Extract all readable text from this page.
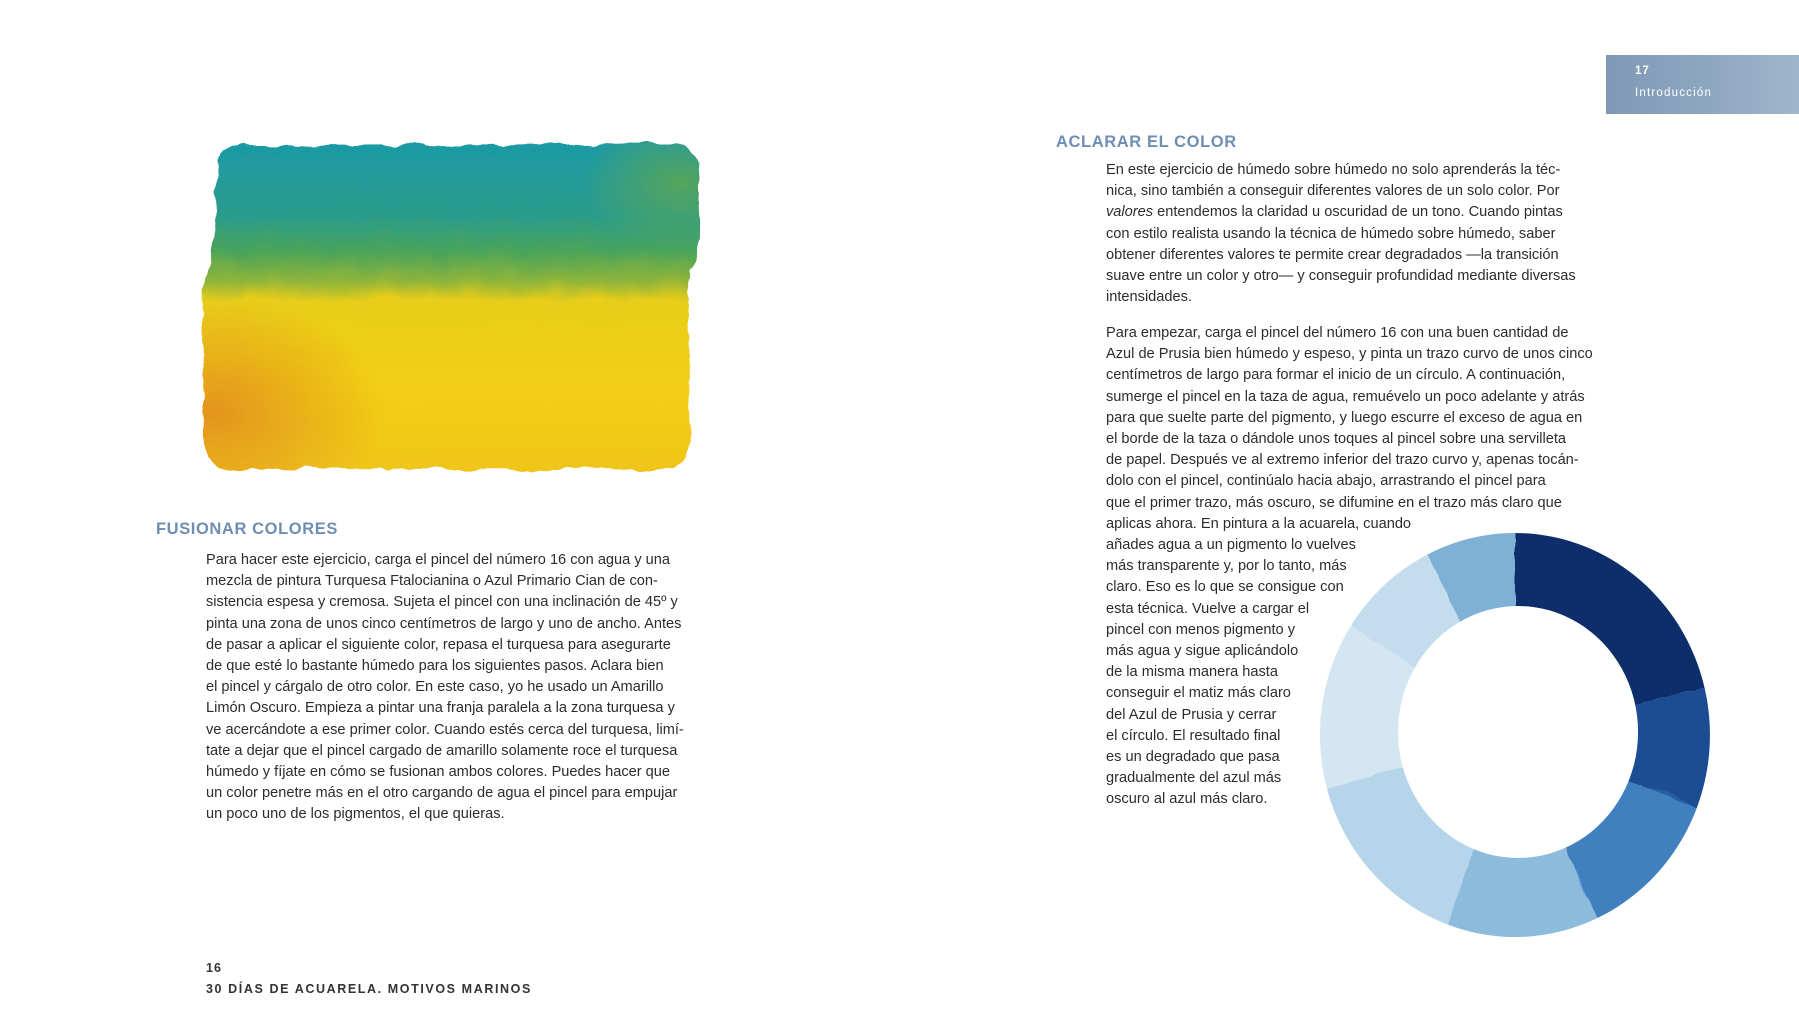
FUSIONAR COLORES
Para hacer este ejercicio, carga el pincel del número 16 con agua y una
mezcla de pintura Turquesa Ftalocianina o Azul Primario Cian de con-
sistencia espesa y cremosa. Sujeta el pincel con una inclinación de 45º y
pinta una zona de unos cinco centímetros de largo y uno de ancho. Antes
de pasar a aplicar el siguiente color, repasa el turquesa para asegurarte
de que esté lo bastante húmedo para los siguientes pasos. Aclara bien
el pincel y cárgalo de otro color. En este caso, yo he usado un Amarillo
Limón Oscuro. Empieza a pintar una franja paralela a la zona turquesa y
ve acercándote a ese primer color. Cuando estés cerca del turquesa, limí-
tate a dejar que el pincel cargado de amarillo solamente roce el turquesa
húmedo y fíjate en cómo se fusionan ambos colores. Puedes hacer que
un color penetre más en el otro cargando de agua el pincel para empujar
un poco uno de los pigmentos, el que quieras.
16
30 DÍAS DE ACUARELA. MOTIVOS MARINOS
17
Introducción
ACLARAR EL COLOR
En este ejercicio de húmedo sobre húmedo no solo aprenderás la téc-
nica, sino también a conseguir diferentes valores de un solo color. Por
valores entendemos la claridad u oscuridad de un tono. Cuando pintas
con estilo realista usando la técnica de húmedo sobre húmedo, saber
obtener diferentes valores te permite crear degradados —la transición
suave entre un color y otro— y conseguir profundidad mediante diversas
intensidades.
Para empezar, carga el pincel del número 16 con una buen cantidad de
Azul de Prusia bien húmedo y espeso, y pinta un trazo curvo de unos cinco
centímetros de largo para formar el inicio de un círculo. A continuación,
sumerge el pincel en la taza de agua, remuévelo un poco adelante y atrás
para que suelte parte del pigmento, y luego escurre el exceso de agua en
el borde de la taza o dándole unos toques al pincel sobre una servilleta
de papel. Después ve al extremo inferior del trazo curvo y, apenas tocán-
dolo con el pincel, continúalo hacia abajo, arrastrando el pincel para
que el primer trazo, más oscuro, se difumine en el trazo más claro que
aplicas ahora. En pintura a la acuarela, cuando
añades agua a un pigmento lo vuelves
más transparente y, por lo tanto, más
claro. Eso es lo que se consigue con
esta técnica. Vuelve a cargar el
pincel con menos pigmento y
más agua y sigue aplicándolo
de la misma manera hasta
conseguir el matiz más claro
del Azul de Prusia y cerrar
el círculo. El resultado final
es un degradado que pasa
gradualmente del azul más
oscuro al azul más claro.
